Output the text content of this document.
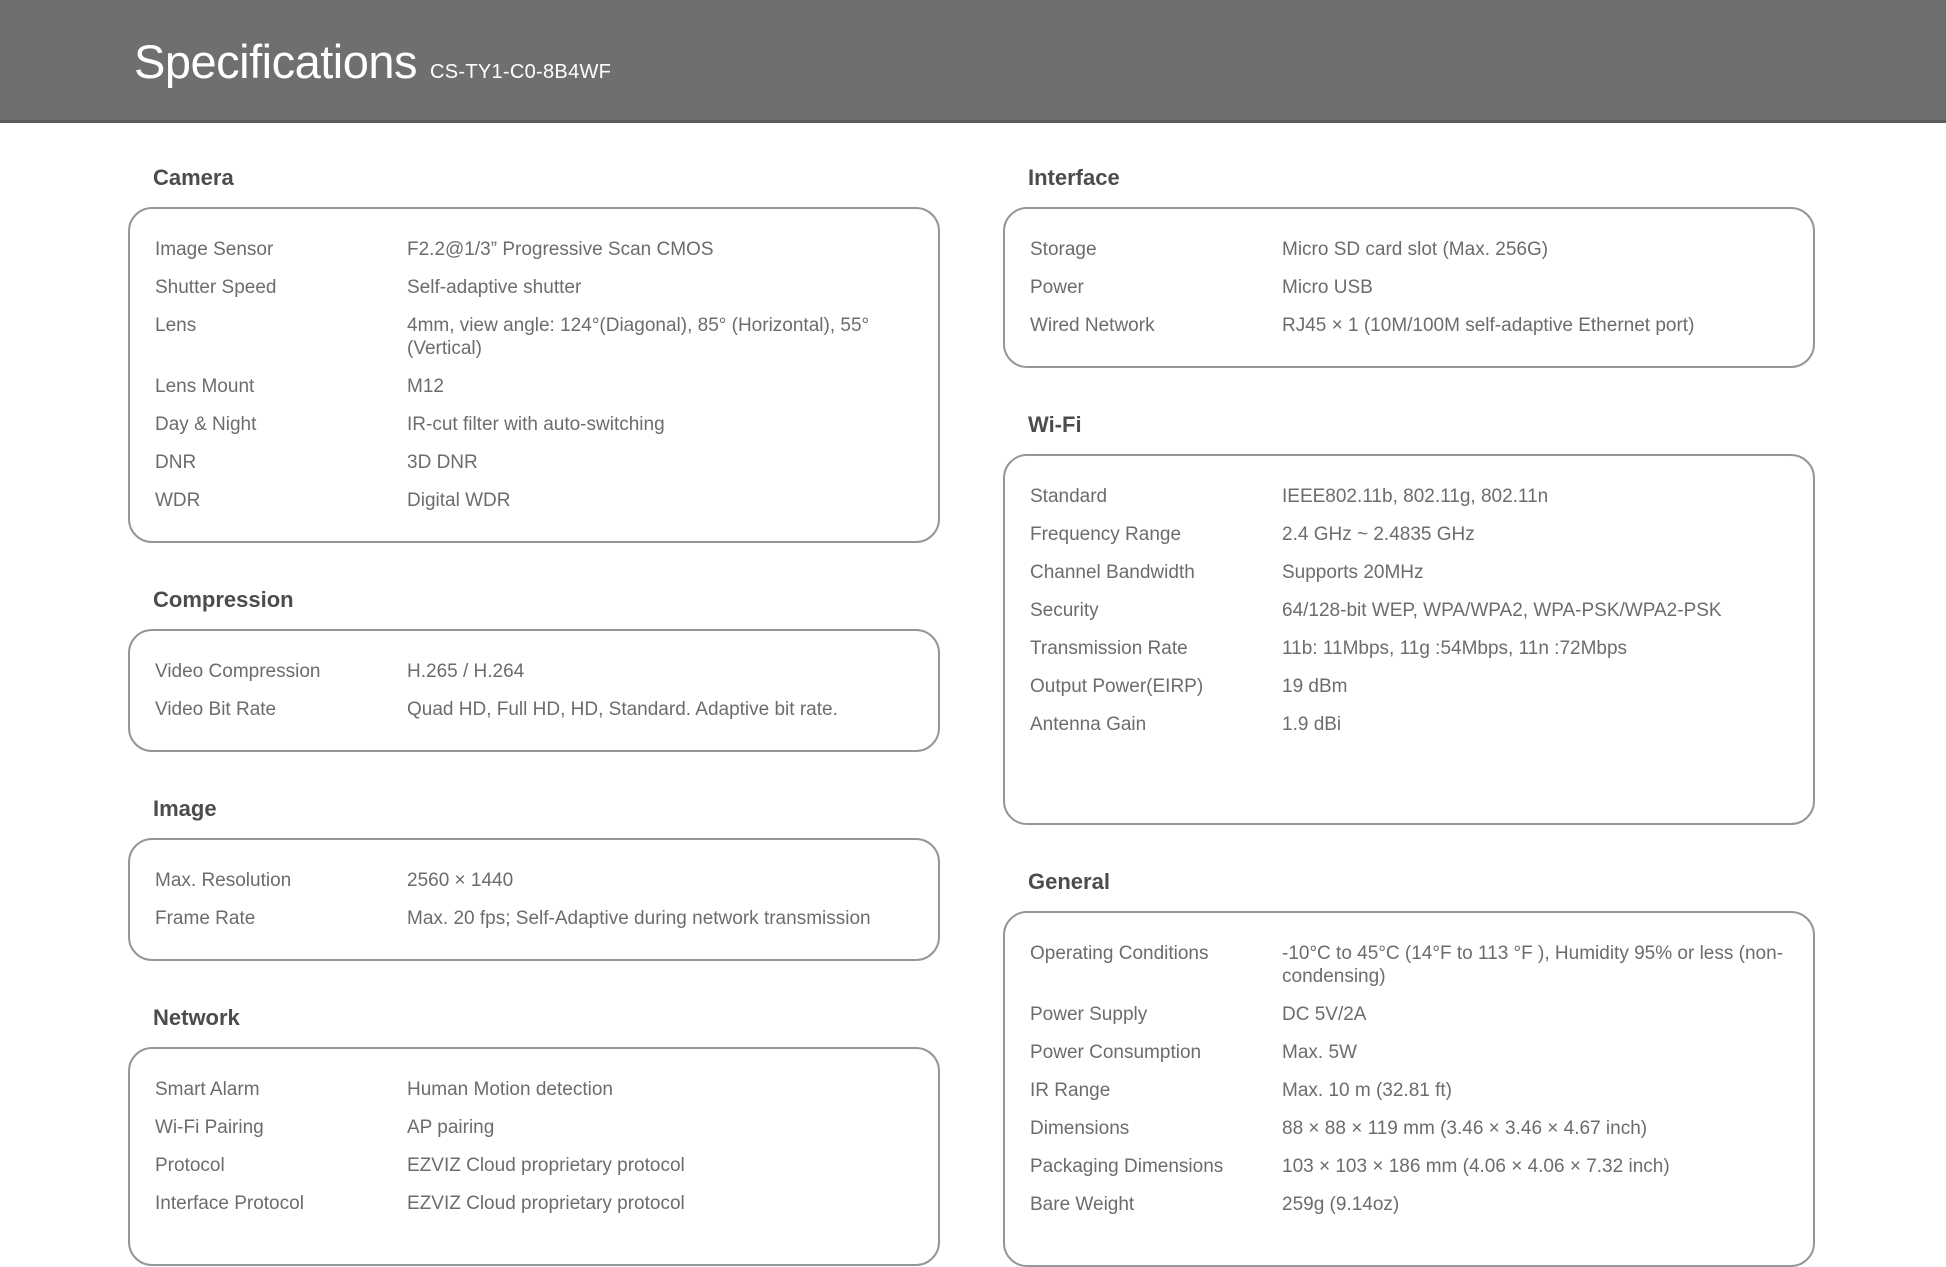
Specifications CS-TY1-C0-8B4WF
Camera
Image Sensor	F2.2@1/3” Progressive Scan CMOS
Shutter Speed	Self-adaptive shutter
Lens	4mm, view angle: 124°(Diagonal), 85° (Horizontal), 55°(Vertical)
Lens Mount	M12
Day & Night	IR-cut filter with auto-switching
DNR	3D DNR
WDR	Digital WDR
Compression
Video Compression	H.265 / H.264
Video Bit Rate	Quad HD, Full HD, HD, Standard. Adaptive bit rate.
Image
Max. Resolution	2560 × 1440
Frame Rate	Max. 20 fps; Self-Adaptive during network transmission
Network
Smart Alarm	Human Motion detection
Wi-Fi Pairing	AP pairing
Protocol	EZVIZ Cloud proprietary protocol
Interface Protocol	EZVIZ Cloud proprietary protocol
Interface
Storage	Micro SD card slot (Max. 256G)
Power	Micro USB
Wired Network	RJ45 × 1 (10M/100M self-adaptive Ethernet port)
Wi-Fi
Standard	IEEE802.11b, 802.11g, 802.11n
Frequency Range	2.4 GHz ~ 2.4835 GHz
Channel Bandwidth	Supports 20MHz
Security	64/128-bit WEP, WPA/WPA2, WPA-PSK/WPA2-PSK
Transmission Rate	11b: 11Mbps, 11g :54Mbps, 11n :72Mbps
Output Power(EIRP)	19 dBm
Antenna Gain	1.9 dBi
General
Operating Conditions	-10°C to 45°C (14°F to 113 °F ), Humidity 95% or less (non-condensing)
Power Supply	DC 5V/2A
Power Consumption	Max. 5W
IR Range	Max. 10 m (32.81 ft)
Dimensions	88 × 88 × 119 mm (3.46 × 3.46 × 4.67 inch)
Packaging Dimensions	103 × 103 × 186 mm (4.06 × 4.06 × 7.32 inch)
Bare Weight	259g (9.14oz)
